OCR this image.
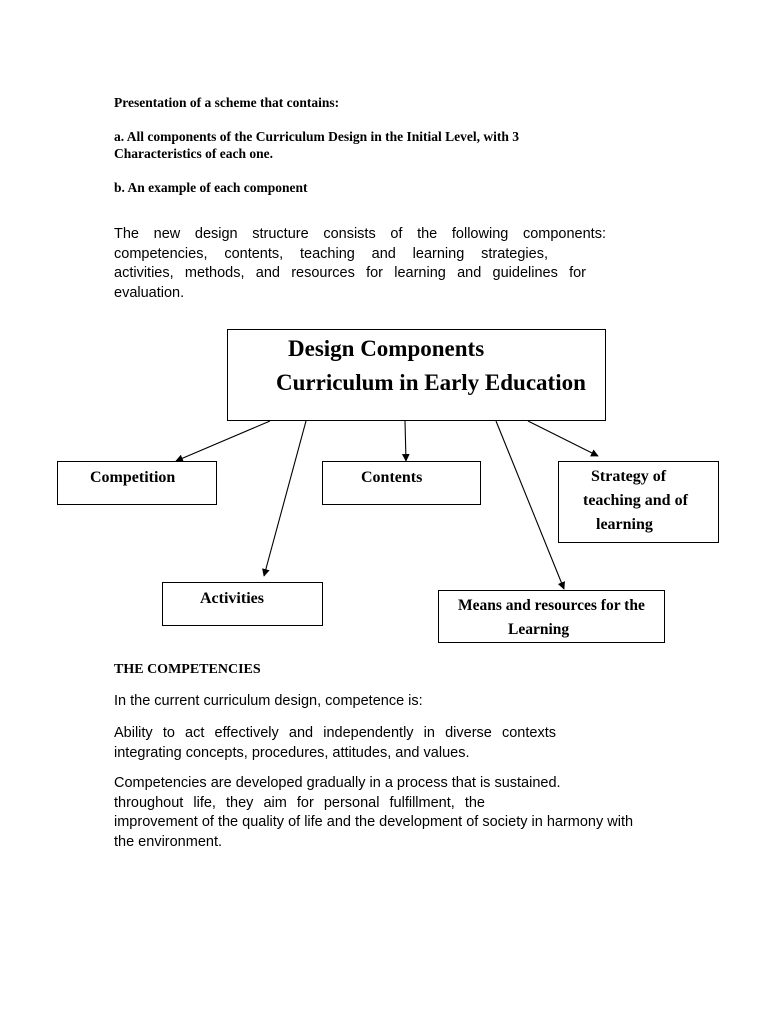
Presentation of a scheme that contains:
a. All components of the Curriculum Design in the Initial Level, with 3
Characteristics of each one.
b. An example of each component
The new design structure consists of the following components:
competencies, contents, teaching and learning strategies,
activities, methods, and resources for learning and guidelines for
evaluation.
Design Components
Curriculum in Early Education
Competition	Contents	Strategy of
teaching and of
learning
Activities	Means and resources for the
Learning
THE COMPETENCIES
In the current curriculum design, competence is:
Ability to act effectively and independently in diverse contexts
integrating concepts, procedures, attitudes, and values.
Competencies are developed gradually in a process that is sustained.
throughout life, they aim for personal fulfillment, the
improvement of the quality of life and the development of society in harmony with
the environment.
